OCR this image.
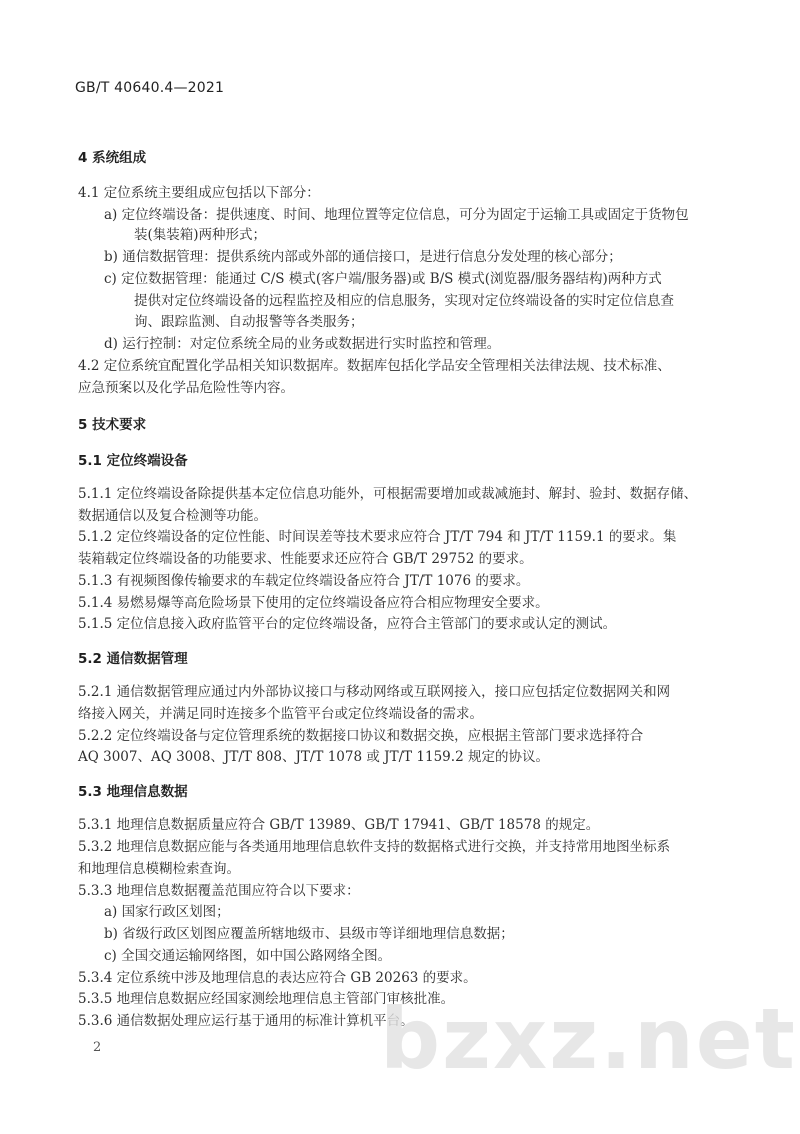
GB/T 40640.4—2021
4 系统组成
4.1 定位系统主要组成应包括以下部分：
a) 定位终端设备：提供速度、时间、地理位置等定位信息，可分为固定于运输工具或固定于货物包
装(集装箱)两种形式；
b) 通信数据管理：提供系统内部或外部的通信接口，是进行信息分发处理的核心部分；
c) 定位数据管理：能通过 C/S 模式(客户端/服务器)或 B/S 模式(浏览器/服务器结构)两种方式
提供对定位终端设备的远程监控及相应的信息服务，实现对定位终端设备的实时定位信息查
询、跟踪监测、自动报警等各类服务；
d) 运行控制：对定位系统全局的业务或数据进行实时监控和管理。
4.2 定位系统宜配置化学品相关知识数据库。数据库包括化学品安全管理相关法律法规、技术标准、
应急预案以及化学品危险性等内容。
5 技术要求
5.1 定位终端设备
5.1.1 定位终端设备除提供基本定位信息功能外，可根据需要增加或裁减施封、解封、验封、数据存储、
数据通信以及复合检测等功能。
5.1.2 定位终端设备的定位性能、时间误差等技术要求应符合 JT/T 794 和 JT/T 1159.1 的要求。集
装箱载定位终端设备的功能要求、性能要求还应符合 GB/T 29752 的要求。
5.1.3 有视频图像传输要求的车载定位终端设备应符合 JT/T 1076 的要求。
5.1.4 易燃易爆等高危险场景下使用的定位终端设备应符合相应物理安全要求。
5.1.5 定位信息接入政府监管平台的定位终端设备，应符合主管部门的要求或认定的测试。
5.2 通信数据管理
5.2.1 通信数据管理应通过内外部协议接口与移动网络或互联网接入，接口应包括定位数据网关和网
络接入网关，并满足同时连接多个监管平台或定位终端设备的需求。
5.2.2 定位终端设备与定位管理系统的数据接口协议和数据交换，应根据主管部门要求选择符合
AQ 3007、AQ 3008、JT/T 808、JT/T 1078 或 JT/T 1159.2 规定的协议。
5.3 地理信息数据
5.3.1 地理信息数据质量应符合 GB/T 13989、GB/T 17941、GB/T 18578 的规定。
5.3.2 地理信息数据应能与各类通用地理信息软件支持的数据格式进行交换，并支持常用地图坐标系
和地理信息模糊检索查询。
5.3.3 地理信息数据覆盖范围应符合以下要求：
a) 国家行政区划图；
b) 省级行政区划图应覆盖所辖地级市、县级市等详细地理信息数据；
c) 全国交通运输网络图，如中国公路网络全图。
5.3.4 定位系统中涉及地理信息的表达应符合 GB 20263 的要求。
5.3.5 地理信息数据应经国家测绘地理信息主管部门审核批准。
5.3.6 通信数据处理应运行基于通用的标准计算机平台。
2	bzxz.net
